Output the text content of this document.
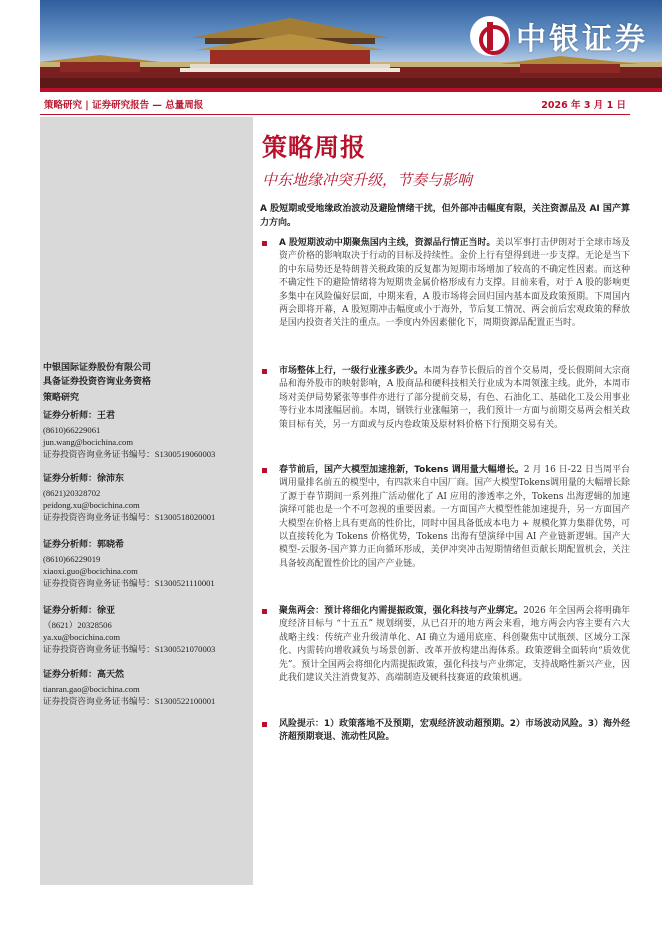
中银证券
策略研究 | 证券研究报告 — 总量周报	2026 年 3 月 1 日
中银国际证券股份有限公司
具备证券投资咨询业务资格
策略研究
证券分析师：王君
(8610)66229061
jun.wang@bocichina.com
证券投资咨询业务证书编号：S1300519060003
证券分析师：徐沛东
(8621)20328702
peidong.xu@bocichina.com
证券投资咨询业务证书编号：S1300518020001
证券分析师：郭晓希
(8610)66229019
xiaoxi.guo@bocichina.com
证券投资咨询业务证书编号：S1300521110001
证券分析师：徐亚
（8621）20328506
ya.xu@bocichina.com
证券投资咨询业务证书编号：S1300521070003
证券分析师：高天然
tianran.gao@bocichina.com
证券投资咨询业务证书编号：S1300522100001
策略周报
中东地缘冲突升级，节奏与影响
A 股短期或受地缘政治波动及避险情绪干扰，但外部冲击幅度有限，关注资源品及 AI 国产算力方向。
A 股短期波动中期聚焦国内主线，资源品行情正当时。美以军事打击伊朗对于全球市场及资产价格的影响取决于行动的目标及持续性。金价上行有望得到进一步支撑。无论是当下的中东局势还是特朗普关税政策的反复都为短期市场增加了较高的不确定性因素。而这种不确定性下的避险情绪将为短期贵金属价格形成有力支撑。目前来看，对于 A 股的影响更多集中在风险偏好层面，中期来看，A 股市场将会回归国内基本面及政策预期。下周国内两会即将开幕，A 股短期冲击幅度或小于海外，节后复工情况、两会前后宏观政策的释放是国内投资者关注的重点。一季度内外因素催化下，周期资源品配置正当时。
市场整体上行，一级行业涨多跌少。本周为春节长假后的首个交易周，受长假期间大宗商品和海外股市的映射影响，A 股商品和硬科技相关行业成为本周领涨主线。此外，本周市场对美伊局势紧张等事件亦进行了部分提前交易，有色、石油化工、基础化工及公用事业等行业本周涨幅居前。本周，钢铁行业涨幅第一，我们预计一方面与前期交易两会相关政策目标有关，另一方面或与反内卷政策及原材料价格下行预期交易有关。
春节前后，国产大模型加速推新，Tokens 调用量大幅增长。2 月 16 日-22 日当周平台调用量排名前五的模型中，有四款来自中国厂商。国产大模型Tokens调用量的大幅增长除了源于春节期间一系列推广活动催化了 AI 应用的渗透率之外，Tokens 出海逻辑的加速演绎可能也是一个不可忽视的重要因素。一方面国产大模型性能加速提升，另一方面国产大模型在价格上具有更高的性价比，同时中国具备低成本电力 + 规模化算力集群优势，可以直接转化为 Tokens 价格优势，Tokens 出海有望演绎中国 AI 产业链新逻辑。国产大模型-云服务-国产算力正向循环形成，美伊冲突冲击短期情绪但贡献长期配置机会，关注具备较高配置性价比的国产产业链。
聚焦两会：预计将细化内需提振政策，强化科技与产业绑定。2026 年全国两会将明确年度经济目标与 “十五五” 规划纲要，从已召开的地方两会来看，地方两会内容主要有六大战略主线：传统产业升级清单化、AI 确立为通用底座、科创聚焦中试瓶颈、区域分工深化、内需转向增收减负与场景创新、改革开放构建出海体系。政策逻辑全面转向“质效优先”。预计全国两会将细化内需提振政策，强化科技与产业绑定，支持战略性新兴产业，因此我们建议关注消费复苏、高端制造及硬科技赛道的政策机遇。
风险提示：1）政策落地不及预期，宏观经济波动超预期。2）市场波动风险。3）海外经济超预期衰退、流动性风险。
